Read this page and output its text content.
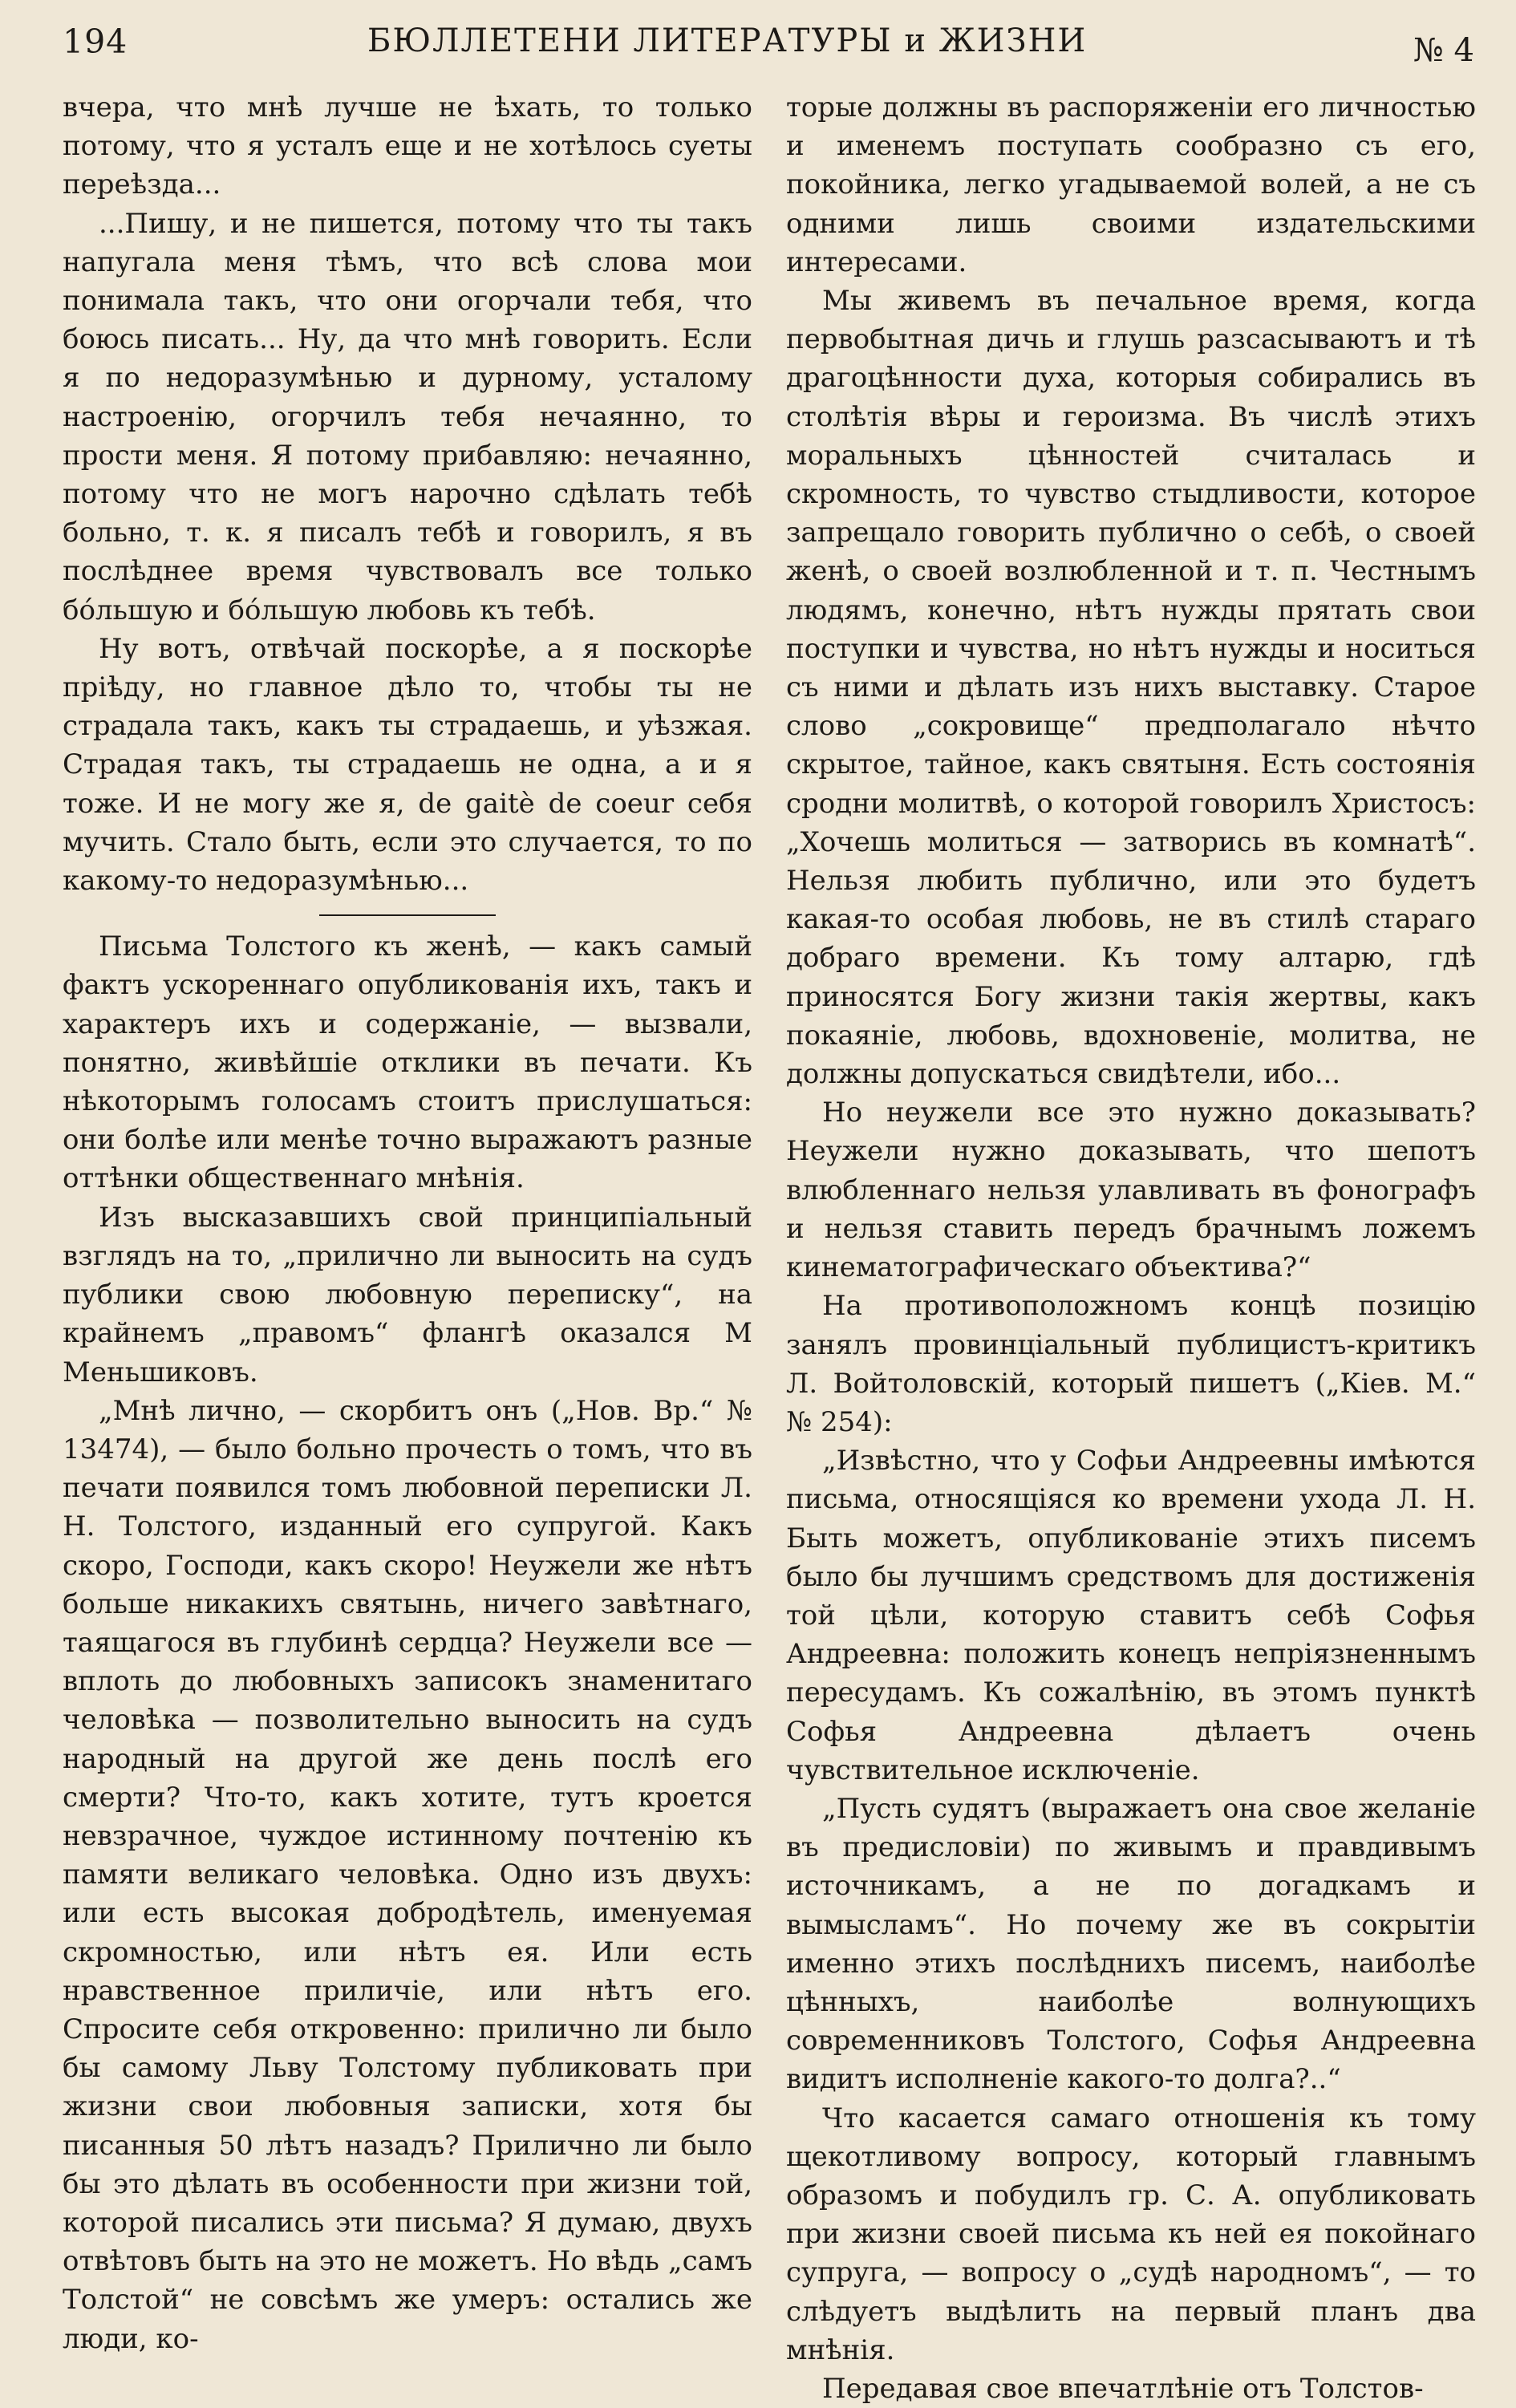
194	БЮЛЛЕТЕНИ ЛИТЕРАТУРЫ и ЖИЗНИ	№ 4

вчера, что мнѣ лучше не ѣхать, то только потому, что я усталъ еще и не хотѣлось суеты переѣзда...

...Пишу, и не пишется, потому что ты такъ напугала меня тѣмъ, что всѣ слова мои понимала такъ, что они огорчали тебя, что боюсь писать... Ну, да что мнѣ говорить. Если я по недоразумѣнью и дурному, усталому настроенію, огорчилъ тебя нечаянно, то прости меня. Я потому прибавляю: нечаянно, потому что не могъ нарочно сдѣлать тебѣ больно, т. к. я писалъ тебѣ и говорилъ, я въ послѣднее время чувствовалъ все только бóльшую и бóльшую любовь къ тебѣ.

Ну вотъ, отвѣчай поскорѣе, а я поскорѣе пріѣду, но главное дѣло то, чтобы ты не страдала такъ, какъ ты страдаешь, и уѣзжая. Страдая такъ, ты страдаешь не одна, а и я тоже. И не могу же я, de gaitè de coeur себя мучить. Стало быть, если это случается, то по какому-то недоразумѣнью...

Письма Толстого къ женѣ, — какъ самый фактъ ускореннаго опубликованія ихъ, такъ и характеръ ихъ и содержаніе, — вызвали, понятно, живѣйшіе отклики въ печати. Къ нѣкоторымъ голосамъ стоитъ прислушаться: они болѣе или менѣе точно выражаютъ разные оттѣнки общественнаго мнѣнія.

Изъ высказавшихъ свой принципіальный взглядъ на то, „прилично ли выносить на судъ публики свою любовную переписку“, на крайнемъ „правомъ“ флангѣ оказался М Меньшиковъ.

„Мнѣ лично, — скорбитъ онъ („Нов. Вр.“ № 13474), — было больно прочесть о томъ, что въ печати появился томъ любовной переписки Л. Н. Толстого, изданный его супругой. Какъ скоро, Господи, какъ скоро! Неужели же нѣтъ больше никакихъ святынь, ничего завѣтнаго, таящагося въ глубинѣ сердца? Неужели все — вплоть до любовныхъ записокъ знаменитаго человѣка — позволительно выносить на судъ народный на другой же день послѣ его смерти? Что-то, какъ хотите, тутъ кроется невзрачное, чуждое истинному почтенію къ памяти великаго человѣка. Одно изъ двухъ: или есть высокая добродѣтель, именуемая скромностью, или нѣтъ ея. Или есть нравственное приличіе, или нѣтъ его. Спросите себя откровенно: прилично ли было бы самому Льву Толстому публиковать при жизни свои любовныя записки, хотя бы писанныя 50 лѣтъ назадъ? Прилично ли было бы это дѣлать въ особенности при жизни той, которой писались эти письма? Я думаю, двухъ отвѣтовъ быть на это не можетъ. Но вѣдь „самъ Толстой“ не совсѣмъ же умеръ: остались же люди, ко-

торые должны въ распоряженіи его личностью и именемъ поступать сообразно съ его, покойника, легко угадываемой волей, а не съ одними лишь своими издательскими интересами.

Мы живемъ въ печальное время, когда первобытная дичь и глушь разсасываютъ и тѣ драгоцѣнности духа, которыя собирались въ столѣтія вѣры и героизма. Въ числѣ этихъ моральныхъ цѣнностей считалась и скромность, то чувство стыдливости, которое запрещало говорить публично о себѣ, о своей женѣ, о своей возлюбленной и т. п. Честнымъ людямъ, конечно, нѣтъ нужды прятать свои поступки и чувства, но нѣтъ нужды и носиться съ ними и дѣлать изъ нихъ выставку. Старое слово „сокровище“ предполагало нѣчто скрытое, тайное, какъ святыня. Есть состоянія сродни молитвѣ, о которой говорилъ Христосъ: „Хочешь молиться — затворись въ комнатѣ“. Нельзя любить публично, или это будетъ какая-то особая любовь, не въ стилѣ стараго добраго времени. Къ тому алтарю, гдѣ приносятся Богу жизни такія жертвы, какъ покаяніе, любовь, вдохновеніе, молитва, не должны допускаться свидѣтели, ибо...

Но неужели все это нужно доказывать? Неужели нужно доказывать, что шепотъ влюбленнаго нельзя улавливать въ фонографъ и нельзя ставить передъ брачнымъ ложемъ кинематографическаго объектива?“

На противоположномъ концѣ позицію занялъ провинціальный публицистъ-критикъ Л. Войтоловскій, который пишетъ („Кіев. М.“ № 254):

„Извѣстно, что у Софьи Андреевны имѣются письма, относящіяся ко времени ухода Л. Н. Быть можетъ, опубликованіе этихъ писемъ было бы лучшимъ средствомъ для достиженія той цѣли, которую ставитъ себѣ Софья Андреевна: положить конецъ непріязненнымъ пересудамъ. Къ сожалѣнію, въ этомъ пунктѣ Софья Андреевна дѣлаетъ очень чувствительное исключеніе.

„Пусть судятъ (выражаетъ она свое желаніе въ предисловіи) по живымъ и правдивымъ источникамъ, а не по догадкамъ и вымысламъ“. Но почему же въ сокрытіи именно этихъ послѣднихъ писемъ, наиболѣе цѣнныхъ, наиболѣе волнующихъ современниковъ Толстого, Софья Андреевна видитъ исполненіе какого-то долга?..“

Что касается самаго отношенія къ тому щекотливому вопросу, который главнымъ образомъ и побудилъ гр. С. А. опубликовать при жизни своей письма къ ней ея покойнаго супруга, — вопросу о „судѣ народномъ“, — то слѣдуетъ выдѣлить на первый планъ два мнѣнія.

Передавая свое впечатлѣніе отъ Толстов-
